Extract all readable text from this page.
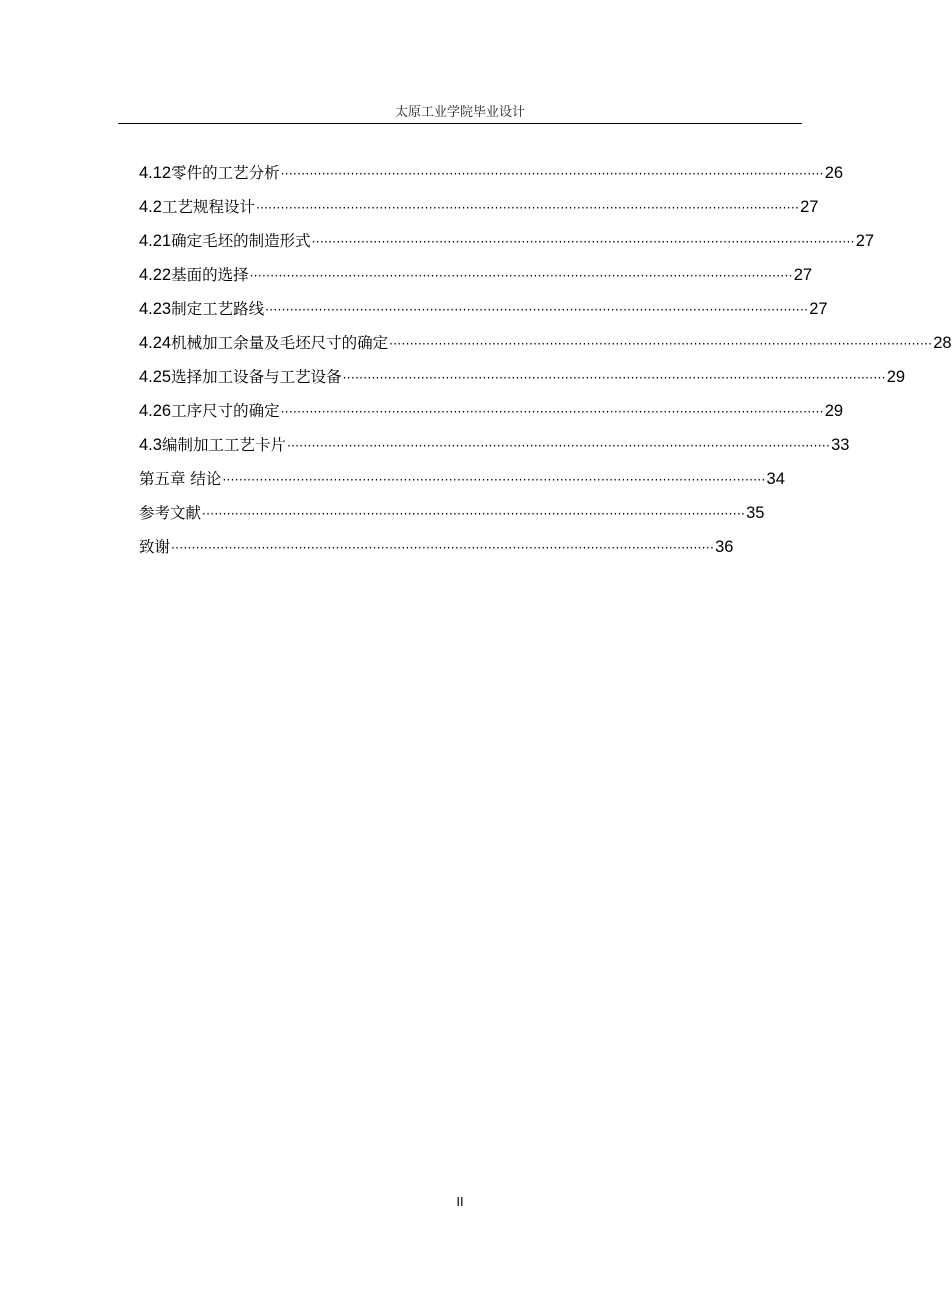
太原工业学院毕业设计
4.12 零件的工艺分析 ···································································································································· 26
4.2 工艺规程设计 ···································································································································· 27
4.21 确定毛坯的制造形式 ···································································································································· 27
4.22 基面的选择 ···································································································································· 27
4.23 制定工艺路线 ···································································································································· 27
4.24 机械加工余量及毛坯尺寸的确定 ···································································································································· 28
4.25 选择加工设备与工艺设备 ···································································································································· 29
4.26 工序尺寸的确定 ···································································································································· 29
4.3 编制加工工艺卡片 ···································································································································· 33
第五章 结论 ···································································································································· 34
参考文献 ···································································································································· 35
致谢 ···································································································································· 36
II
